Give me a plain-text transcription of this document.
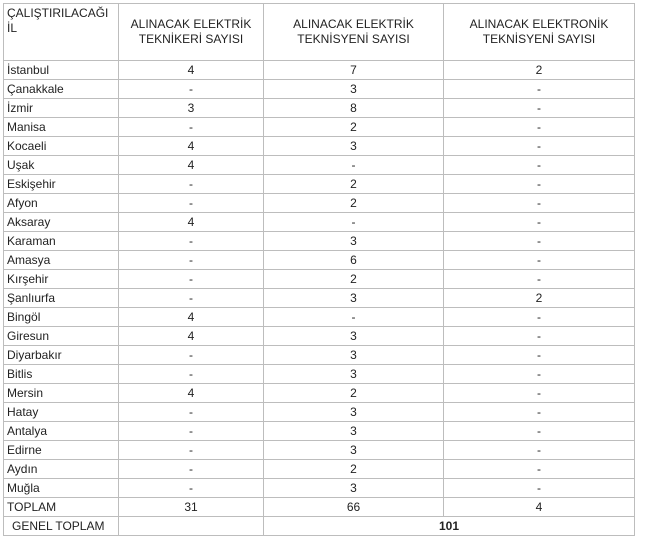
ÇALIŞTIRILACAĞI İL	ALINACAK ELEKTRİK TEKNİKERİ SAYISI	ALINACAK ELEKTRİK TEKNİSYENİ SAYISI	ALINACAK ELEKTRONİK TEKNİSYENİ SAYISI
İstanbul	4	7	2
Çanakkale	-	3	-
İzmir	3	8	-
Manisa	-	2	-
Kocaeli	4	3	-
Uşak	4	-	-
Eskişehir	-	2	-
Afyon	-	2	-
Aksaray	4	-	-
Karaman	-	3	-
Amasya	-	6	-
Kırşehir	-	2	-
Şanlıurfa	-	3	2
Bingöl	4	-	-
Giresun	4	3	-
Diyarbakır	-	3	-
Bitlis	-	3	-
Mersin	4	2	-
Hatay	-	3	-
Antalya	-	3	-
Edirne	-	3	-
Aydın	-	2	-
Muğla	-	3	-
TOPLAM	31	66	4
GENEL TOPLAM		101	
